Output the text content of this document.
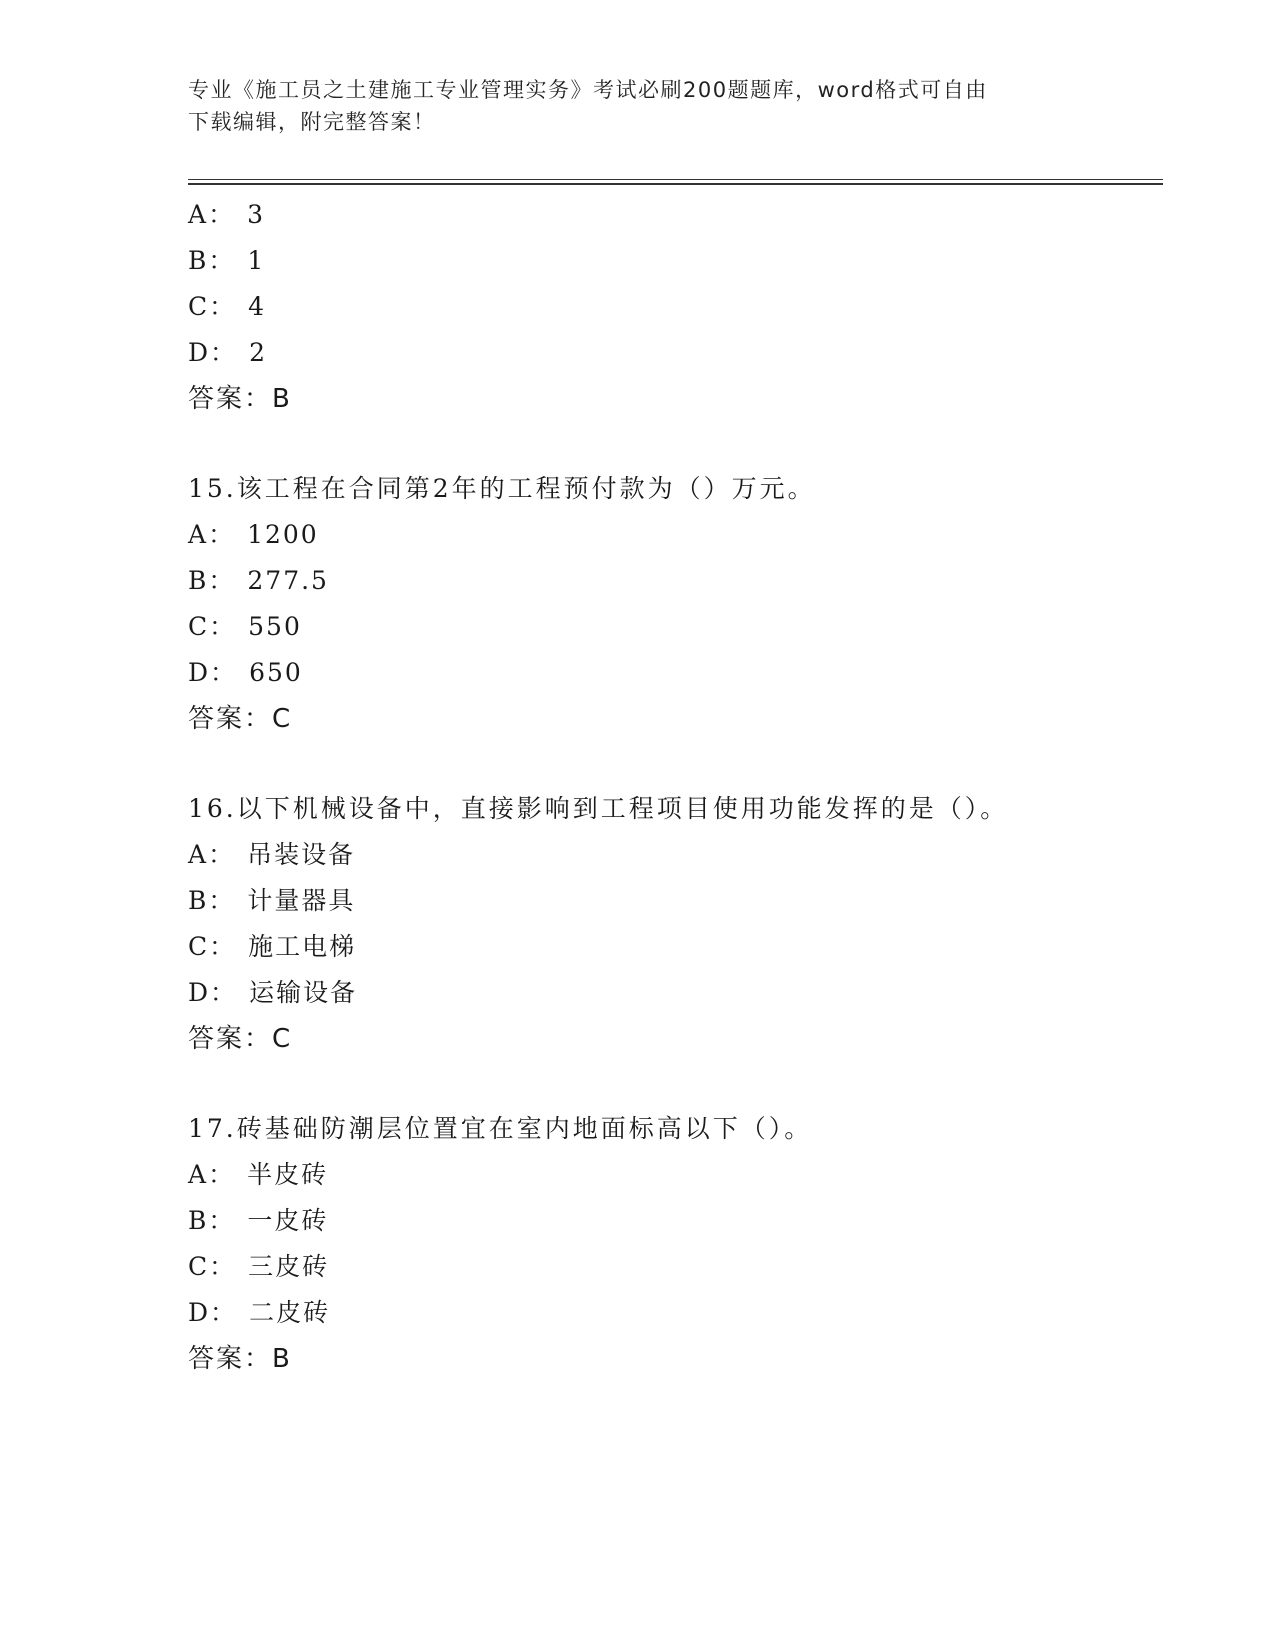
专业《施工员之土建施工专业管理实务》考试必刷200题题库，word格式可自由
下载编辑，附完整答案！
A： 3
B： 1
C： 4
D： 2
答案：B
15.该工程在合同第2年的工程预付款为（）万元。
A： 1200
B： 277.5
C： 550
D： 650
答案：C
16.以下机械设备中，直接影响到工程项目使用功能发挥的是（）。
A： 吊装设备
B： 计量器具
C： 施工电梯
D： 运输设备
答案：C
17.砖基础防潮层位置宜在室内地面标高以下（）。
A： 半皮砖
B： 一皮砖
C： 三皮砖
D： 二皮砖
答案：B
